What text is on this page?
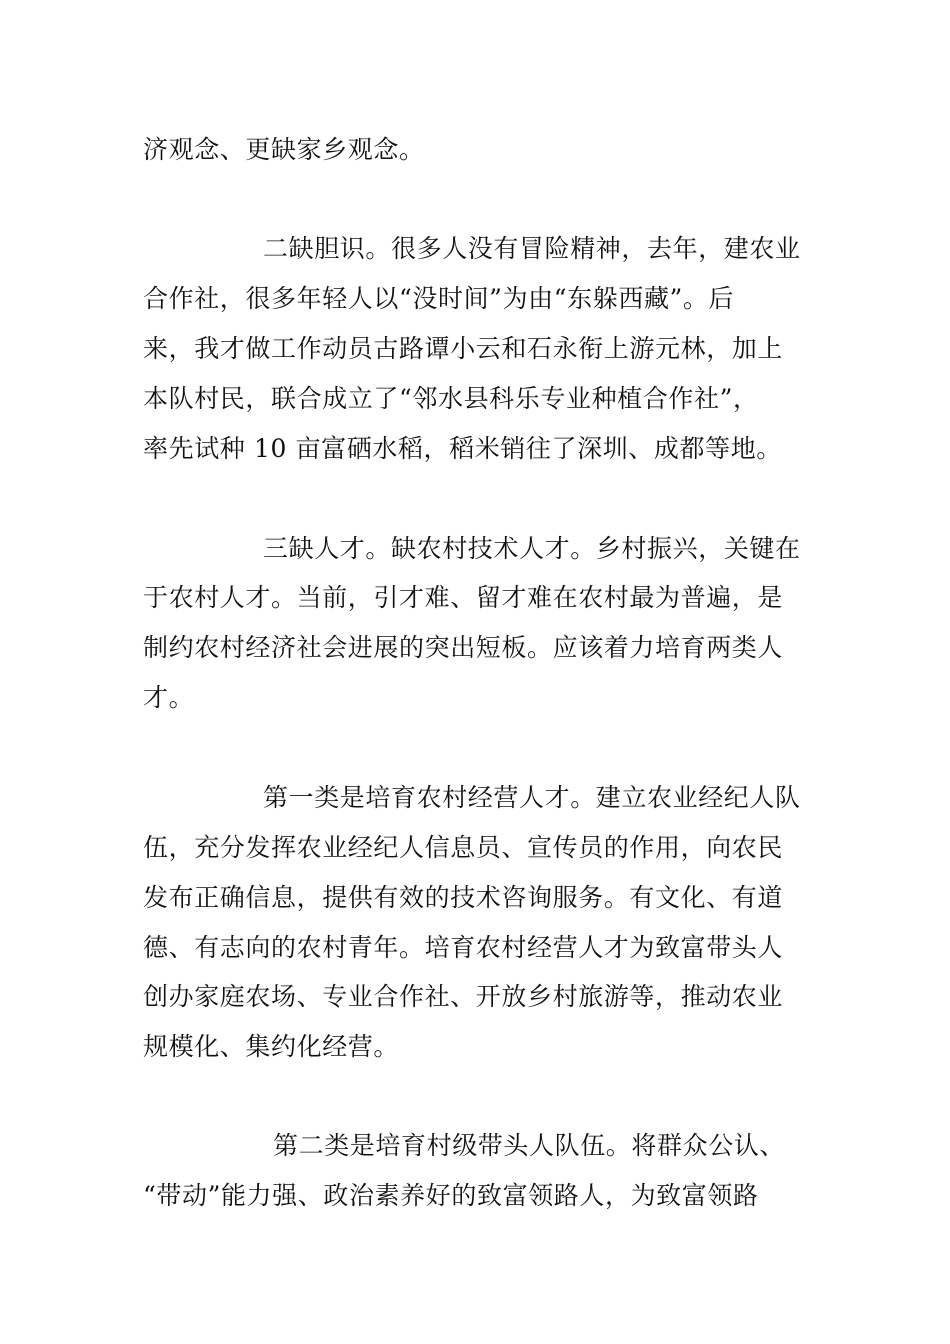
济观念、更缺家乡观念。
二缺胆识。很多人没有冒险精神，去年，建农业
合作社，很多年轻人以“没时间”为由“东躲西藏”。后
来，我才做工作动员古路谭小云和石永衔上游元林，加上
本队村民，联合成立了“邻水县科乐专业种植合作社”，
率先试种 10 亩富硒水稻，稻米销往了深圳、成都等地。
三缺人才。缺农村技术人才。乡村振兴，关键在
于农村人才。当前，引才难、留才难在农村最为普遍，是
制约农村经济社会进展的突出短板。应该着力培育两类人
才。
第一类是培育农村经营人才。建立农业经纪人队
伍，充分发挥农业经纪人信息员、宣传员的作用，向农民
发布正确信息，提供有效的技术咨询服务。有文化、有道
德、有志向的农村青年。培育农村经营人才为致富带头人
创办家庭农场、专业合作社、开放乡村旅游等，推动农业
规模化、集约化经营。
第二类是培育村级带头人队伍。将群众公认、
“带动”能力强、政治素养好的致富领路人，为致富领路
